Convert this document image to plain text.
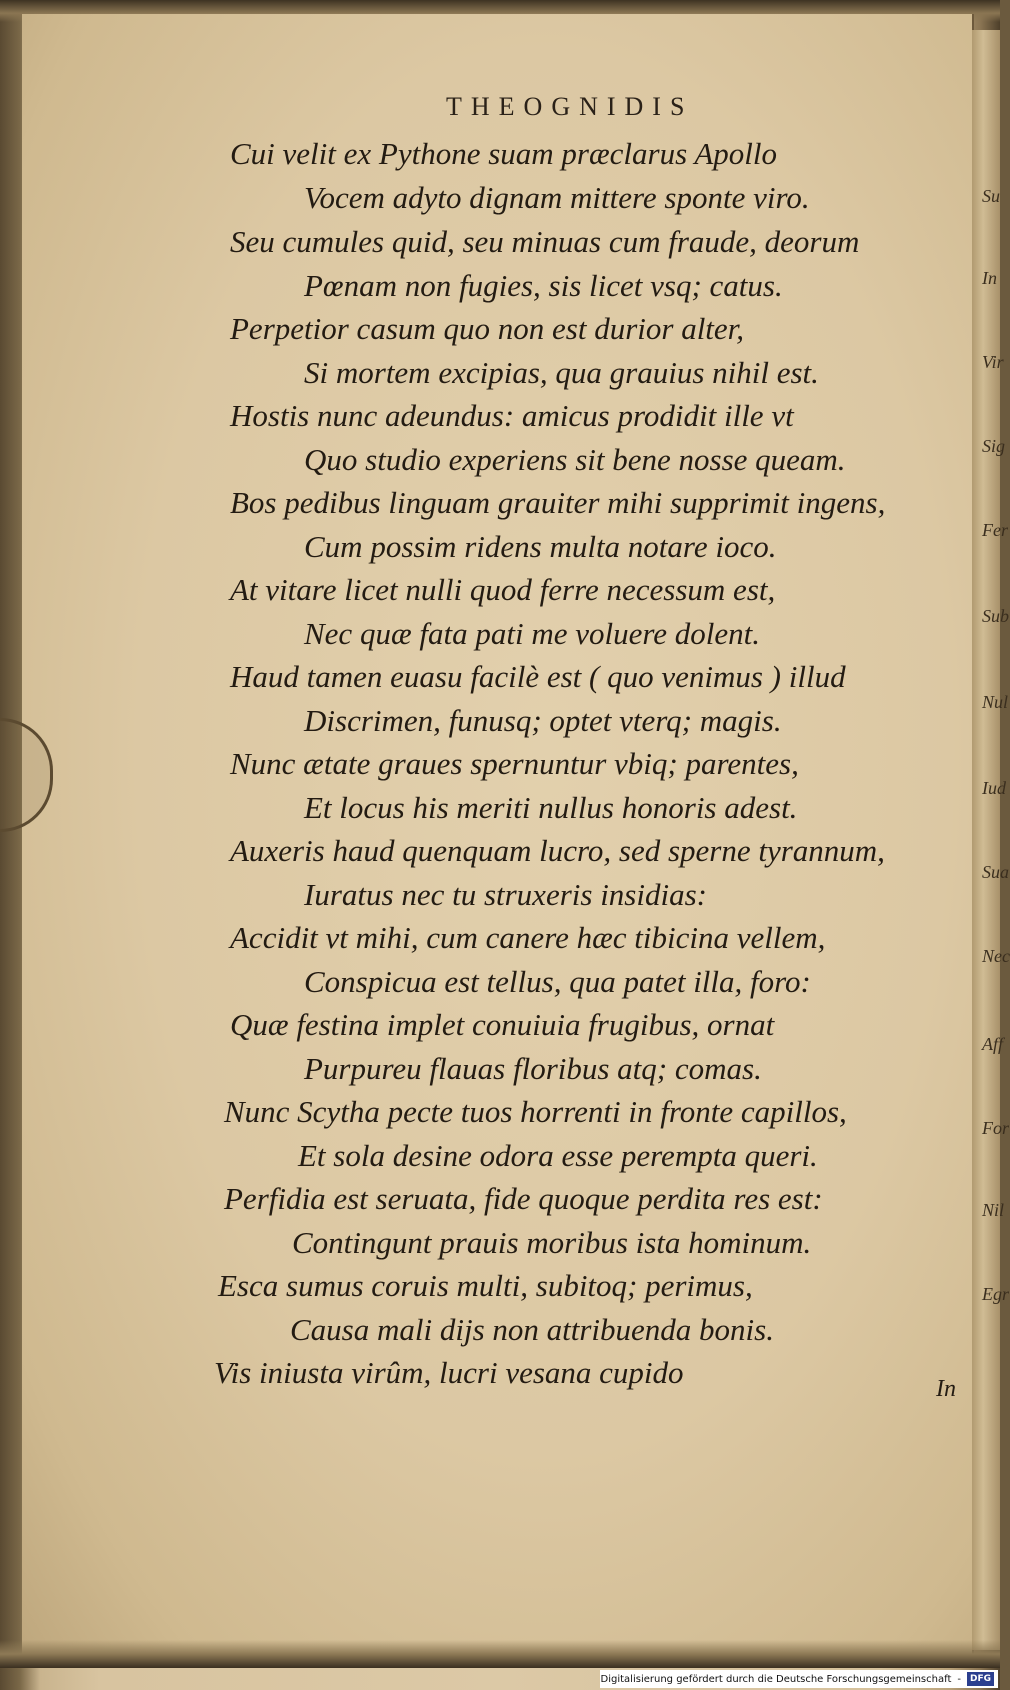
THEOGNIDIS
Cui velit ex Pythone suam præclarus Apollo
Vocem adyto dignam mittere sponte viro.
Seu cumules quid, seu minuas cum fraude, deorum
Pœnam non fugies, sis licet vsq; catus.
Perpetior casum quo non est durior alter,
Si mortem excipias, qua grauius nihil est.
Hostis nunc adeundus: amicus prodidit ille vt
Quo studio experiens sit bene nosse queam.
Bos pedibus linguam grauiter mihi supprimit ingens,
Cum possim ridens multa notare ioco.
At vitare licet nulli quod ferre necessum est,
Nec quæ fata pati me voluere dolent.
Haud tamen euasu facilè est ( quo venimus ) illud
Discrimen, funusq; optet vterq; magis.
Nunc ætate graues spernuntur vbiq; parentes,
Et locus his meriti nullus honoris adest.
Auxeris haud quenquam lucro, sed sperne tyrannum,
Iuratus nec tu struxeris insidias:
Accidit vt mihi, cum canere hæc tibicina vellem,
Conspicua est tellus, qua patet illa, foro:
Quæ festina implet conuiuia frugibus, ornat
Purpureu flauas floribus atq; comas.
Nunc Scytha pecte tuos horrenti in fronte capillos,
Et sola desine odora esse perempta queri.
Perfidia est seruata, fide quoque perdita res est:
Contingunt prauis moribus ista hominum.
Esca sumus coruis multi, subitoq; perimus,
Causa mali dijs non attribuenda bonis.
Vis iniusta virûm, lucri vesana cupido
Su
In
Vir
Sig
Fer
Sub
Nul
Iud
Sua
Nec
Aff
For
Nil
Egr
In
Digitalisierung gefördert durch die Deutsche Forschungsgemeinschaft -	DFG
